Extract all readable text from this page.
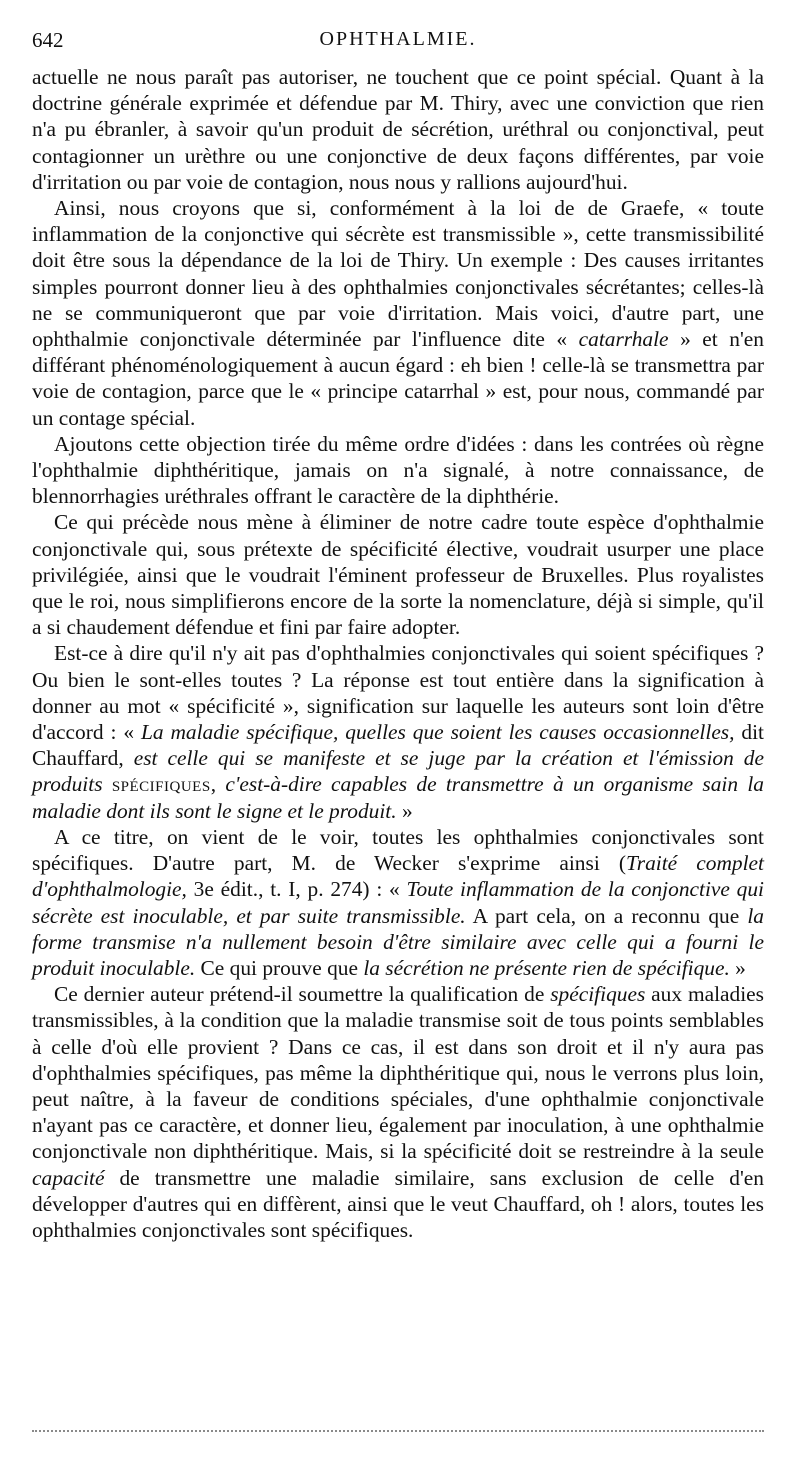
642	OPHTHALMIE.

actuelle ne nous paraît pas autoriser, ne touchent que ce point spécial. Quant à la doctrine générale exprimée et défendue par M. Thiry, avec une conviction que rien n'a pu ébranler, à savoir qu'un produit de sécrétion, uréthral ou conjonctival, peut contagionner un urèthre ou une conjonctive de deux façons différentes, par voie d'irritation ou par voie de contagion, nous nous y rallions aujourd'hui.

Ainsi, nous croyons que si, conformément à la loi de de Graefe, « toute inflammation de la conjonctive qui sécrète est transmissible », cette transmissibilité doit être sous la dépendance de la loi de Thiry. Un exemple : Des causes irritantes simples pourront donner lieu à des ophthalmies conjonctivales sécrétantes; celles-là ne se communiqueront que par voie d'irritation. Mais voici, d'autre part, une ophthalmie conjonctivale déterminée par l'influence dite « catarrhale » et n'en différant phénoménologiquement à aucun égard : eh bien ! celle-là se transmettra par voie de contagion, parce que le « principe catarrhal » est, pour nous, commandé par un contage spécial.

Ajoutons cette objection tirée du même ordre d'idées : dans les contrées où règne l'ophthalmie diphthéritique, jamais on n'a signalé, à notre connaissance, de blennorrhagies uréthrales offrant le caractère de la diphthérie.

Ce qui précède nous mène à éliminer de notre cadre toute espèce d'ophthalmie conjonctivale qui, sous prétexte de spécificité élective, voudrait usurper une place privilégiée, ainsi que le voudrait l'éminent professeur de Bruxelles. Plus royalistes que le roi, nous simplifierons encore de la sorte la nomenclature, déjà si simple, qu'il a si chaudement défendue et fini par faire adopter.

Est-ce à dire qu'il n'y ait pas d'ophthalmies conjonctivales qui soient spécifiques ? Ou bien le sont-elles toutes ? La réponse est tout entière dans la signification à donner au mot « spécificité », signification sur laquelle les auteurs sont loin d'être d'accord : « La maladie spécifique, quelles que soient les causes occasionnelles, dit Chauffard, est celle qui se manifeste et se juge par la création et l'émission de produits spécifiques, c'est-à-dire capables de transmettre à un organisme sain la maladie dont ils sont le signe et le produit. »

A ce titre, on vient de le voir, toutes les ophthalmies conjonctivales sont spécifiques. D'autre part, M. de Wecker s'exprime ainsi (Traité complet d'ophthalmologie, 3e édit., t. I, p. 274) : « Toute inflammation de la conjonctive qui sécrète est inoculable, et par suite transmissible. A part cela, on a reconnu que la forme transmise n'a nullement besoin d'être similaire avec celle qui a fourni le produit inoculable. Ce qui prouve que la sécrétion ne présente rien de spécifique. »

Ce dernier auteur prétend-il soumettre la qualification de spécifiques aux maladies transmissibles, à la condition que la maladie transmise soit de tous points semblables à celle d'où elle provient ? Dans ce cas, il est dans son droit et il n'y aura pas d'ophthalmies spécifiques, pas même la diphthéritique qui, nous le verrons plus loin, peut naître, à la faveur de conditions spéciales, d'une ophthalmie conjonctivale n'ayant pas ce caractère, et donner lieu, également par inoculation, à une ophthalmie conjonctivale non diphthéritique. Mais, si la spécificité doit se restreindre à la seule capacité de transmettre une maladie similaire, sans exclusion de celle d'en développer d'autres qui en diffèrent, ainsi que le veut Chauffard, oh ! alors, toutes les ophthalmies conjonctivales sont spécifiques.
